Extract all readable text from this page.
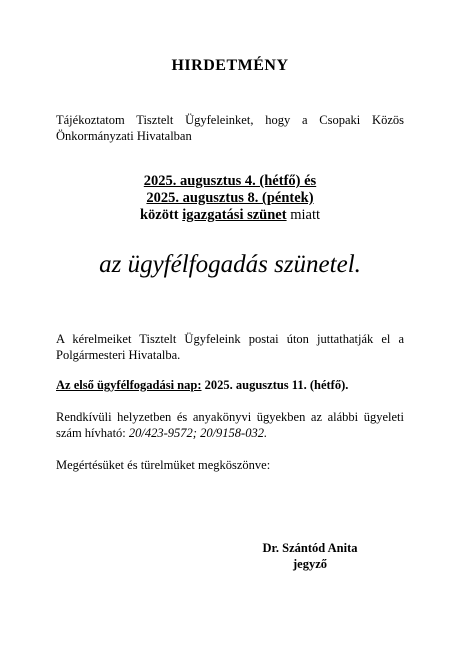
HIRDETMÉNY
Tájékoztatom Tisztelt Ügyfeleinket, hogy a Csopaki Közös Önkormányzati Hivatalban
2025. augusztus 4. (hétfő) és
2025. augusztus 8. (péntek)
között igazgatási szünet miatt
az ügyfélfogadás szünetel.
A kérelmeiket Tisztelt Ügyfeleink postai úton juttathatják el a Polgármesteri Hivatalba.
Az első ügyfélfogadási nap: 2025. augusztus 11. (hétfő).
Rendkívüli helyzetben és anyakönyvi ügyekben az alábbi ügyeleti szám hívható: 20/423-9572; 20/9158-032.
Megértésüket és türelmüket megköszönve:
Dr. Szántód Anita
jegyző
